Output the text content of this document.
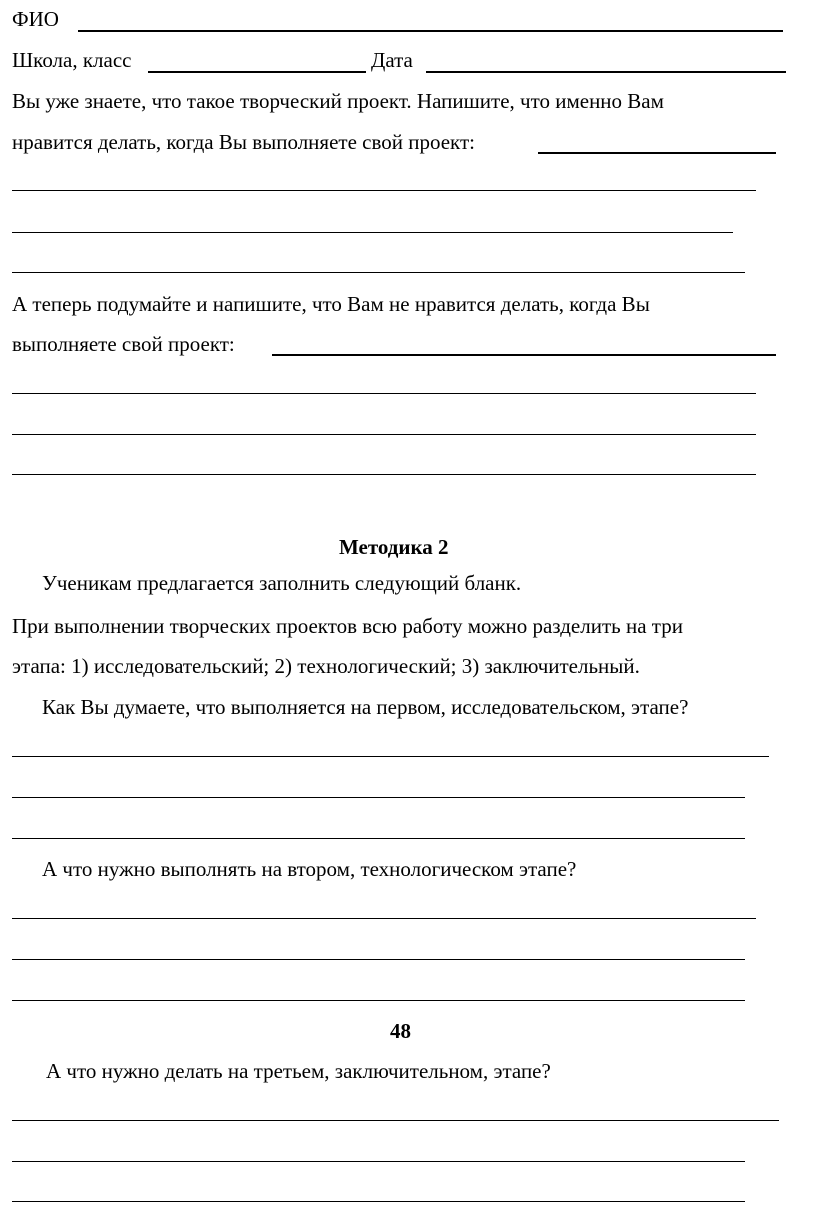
ФИО
Школа, класс	Дата
Вы уже знаете, что такое творческий проект. Напишите, что именно Вам
нравится делать, когда Вы выполняете свой проект:
А теперь подумайте и напишите, что Вам не нравится делать, когда Вы
выполняете свой проект:
Методика 2
Ученикам предлагается заполнить следующий бланк.
При выполнении творческих проектов всю работу можно разделить на три
этапа: 1) исследовательский; 2) технологический; 3) заключительный.
Как Вы думаете, что выполняется на первом, исследовательском, этапе?
А что нужно выполнять на втором, технологическом этапе?
48
А что нужно делать на третьем, заключительном, этапе?
